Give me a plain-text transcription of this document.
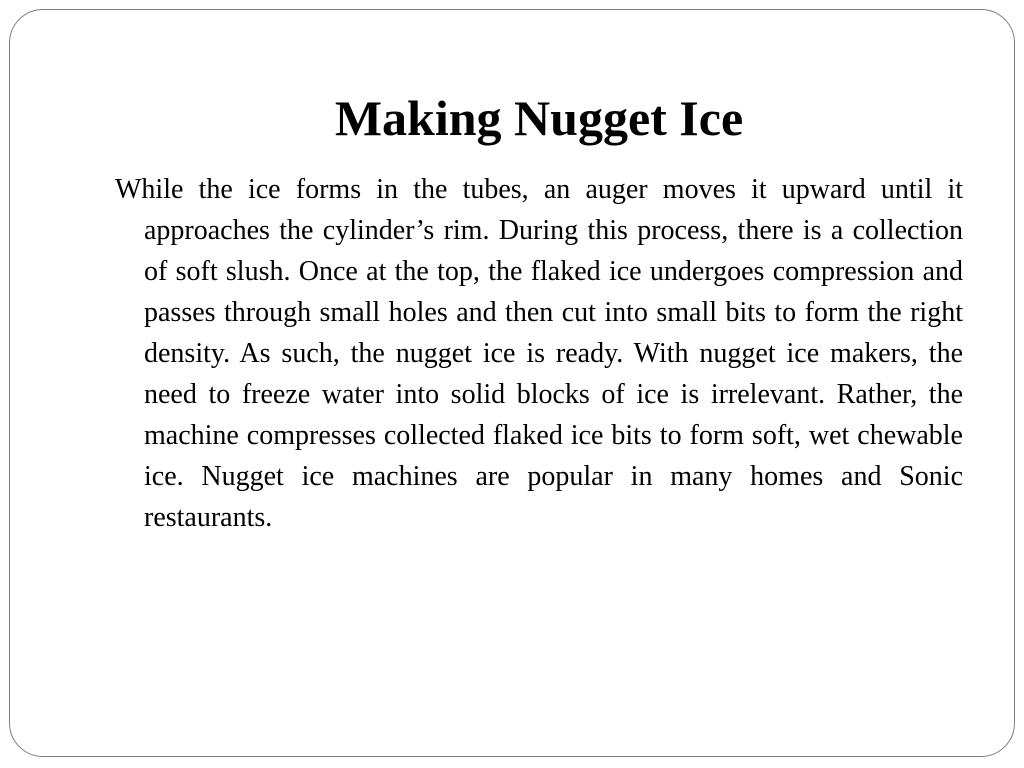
Making Nugget Ice

While the ice forms in the tubes, an auger moves it upward until it approaches the cylinder’s rim. During this process, there is a collection of soft slush. Once at the top, the flaked ice undergoes compression and passes through small holes and then cut into small bits to form the right density. As such, the nugget ice is ready. With nugget ice makers, the need to freeze water into solid blocks of ice is irrelevant. Rather, the machine compresses collected flaked ice bits to form soft, wet chewable ice. Nugget ice machines are popular in many homes and Sonic restaurants.
